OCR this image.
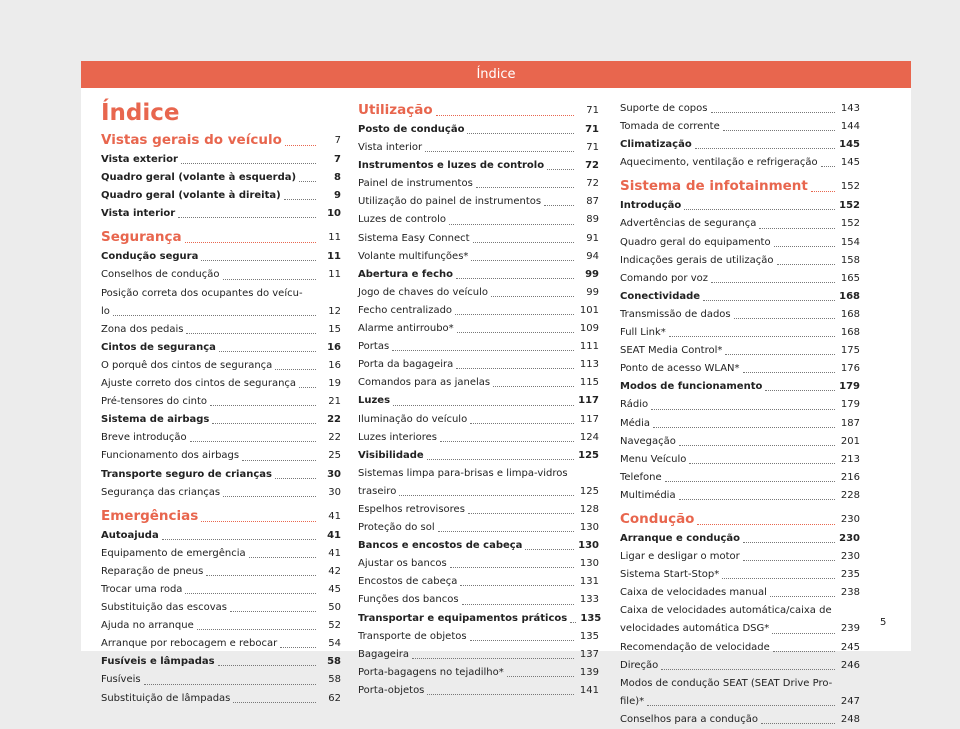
Índice
Índice
Vistas gerais do veículo	7
Vista exterior	7
Quadro geral (volante à esquerda)	8
Quadro geral (volante à direita)	9
Vista interior	10
Segurança	11
Condução segura	11
Conselhos de condução	11
Posição correta dos ocupantes do veícu-
lo	12
Zona dos pedais	15
Cintos de segurança	16
O porquê dos cintos de segurança	16
Ajuste correto dos cintos de segurança	19
Pré-tensores do cinto	21
Sistema de airbags	22
Breve introdução	22
Funcionamento dos airbags	25
Transporte seguro de crianças	30
Segurança das crianças	30
Emergências	41
Autoajuda	41
Equipamento de emergência	41
Reparação de pneus	42
Trocar uma roda	45
Substituição das escovas	50
Ajuda no arranque	52
Arranque por rebocagem e rebocar	54
Fusíveis e lâmpadas	58
Fusíveis	58
Substituição de lâmpadas	62
Utilização	71
Posto de condução	71
Vista interior	71
Instrumentos e luzes de controlo	72
Painel de instrumentos	72
Utilização do painel de instrumentos	87
Luzes de controlo	89
Sistema Easy Connect	91
Volante multifunções*	94
Abertura e fecho	99
Jogo de chaves do veículo	99
Fecho centralizado	101
Alarme antirroubo*	109
Portas	111
Porta da bagageira	113
Comandos para as janelas	115
Luzes	117
Iluminação do veículo	117
Luzes interiores	124
Visibilidade	125
Sistemas limpa para-brisas e limpa-vidros
traseiro	125
Espelhos retrovisores	128
Proteção do sol	130
Bancos e encostos de cabeça	130
Ajustar os bancos	130
Encostos de cabeça	131
Funções dos bancos	133
Transportar e equipamentos práticos 135
Transporte de objetos	135
Bagageira	137
Porta-bagagens no tejadilho*	139
Porta-objetos	141
Suporte de copos	143
Tomada de corrente	144
Climatização	145
Aquecimento, ventilação e refrigeração 145
Sistema de infotainment	152
Introdução	152
Advertências de segurança	152
Quadro geral do equipamento	154
Indicações gerais de utilização	158
Comando por voz	165
Conectividade	168
Transmissão de dados	168
Full Link*	168
SEAT Media Control*	175
Ponto de acesso WLAN*	176
Modos de funcionamento	179
Rádio	179
Média	187
Navegação	201
Menu Veículo	213
Telefone	216
Multimédia	228
Condução	230
Arranque e condução	230
Ligar e desligar o motor	230
Sistema Start-Stop*	235
Caixa de velocidades manual	238
Caixa de velocidades automática/caixa de
velocidades automática DSG*	239
Recomendação de velocidade	245
Direção	246
Modos de condução SEAT (SEAT Drive Pro-
file)*	247
Conselhos para a condução	248
5
